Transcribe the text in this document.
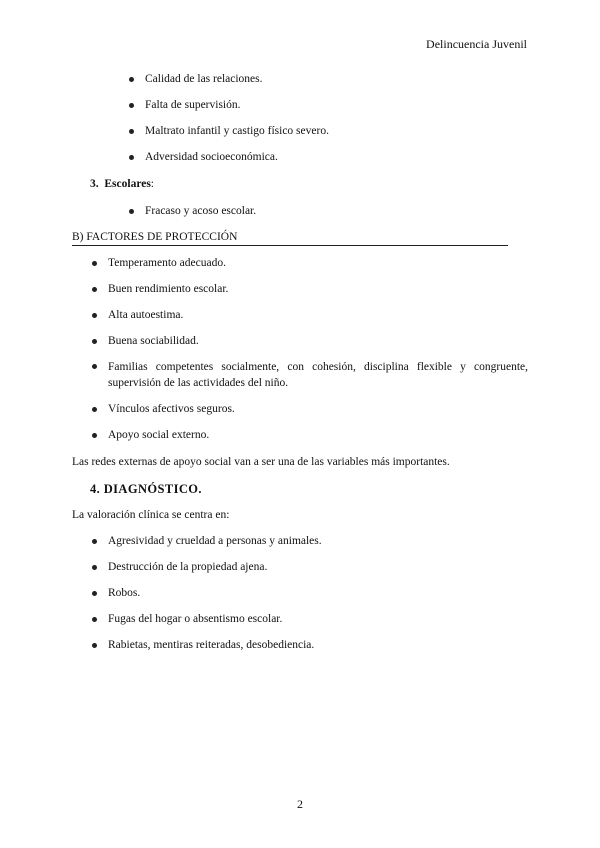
Delincuencia Juvenil
Calidad de las relaciones.
Falta de supervisión.
Maltrato infantil y castigo físico severo.
Adversidad socioeconómica.
3. Escolares:
Fracaso y acoso escolar.
B) FACTORES DE PROTECCIÓN
Temperamento adecuado.
Buen rendimiento escolar.
Alta autoestima.
Buena sociabilidad.
Familias competentes socialmente, con cohesión, disciplina flexible y congruente, supervisión de las actividades del niño.
Vínculos afectivos seguros.
Apoyo social externo.
Las redes externas de apoyo social van a ser una de las variables más importantes.
4. DIAGNÓSTICO.
La valoración clínica se centra en:
Agresividad y crueldad a personas y animales.
Destrucción de la propiedad ajena.
Robos.
Fugas del hogar o absentismo escolar.
Rabietas, mentiras reiteradas, desobediencia.
2
